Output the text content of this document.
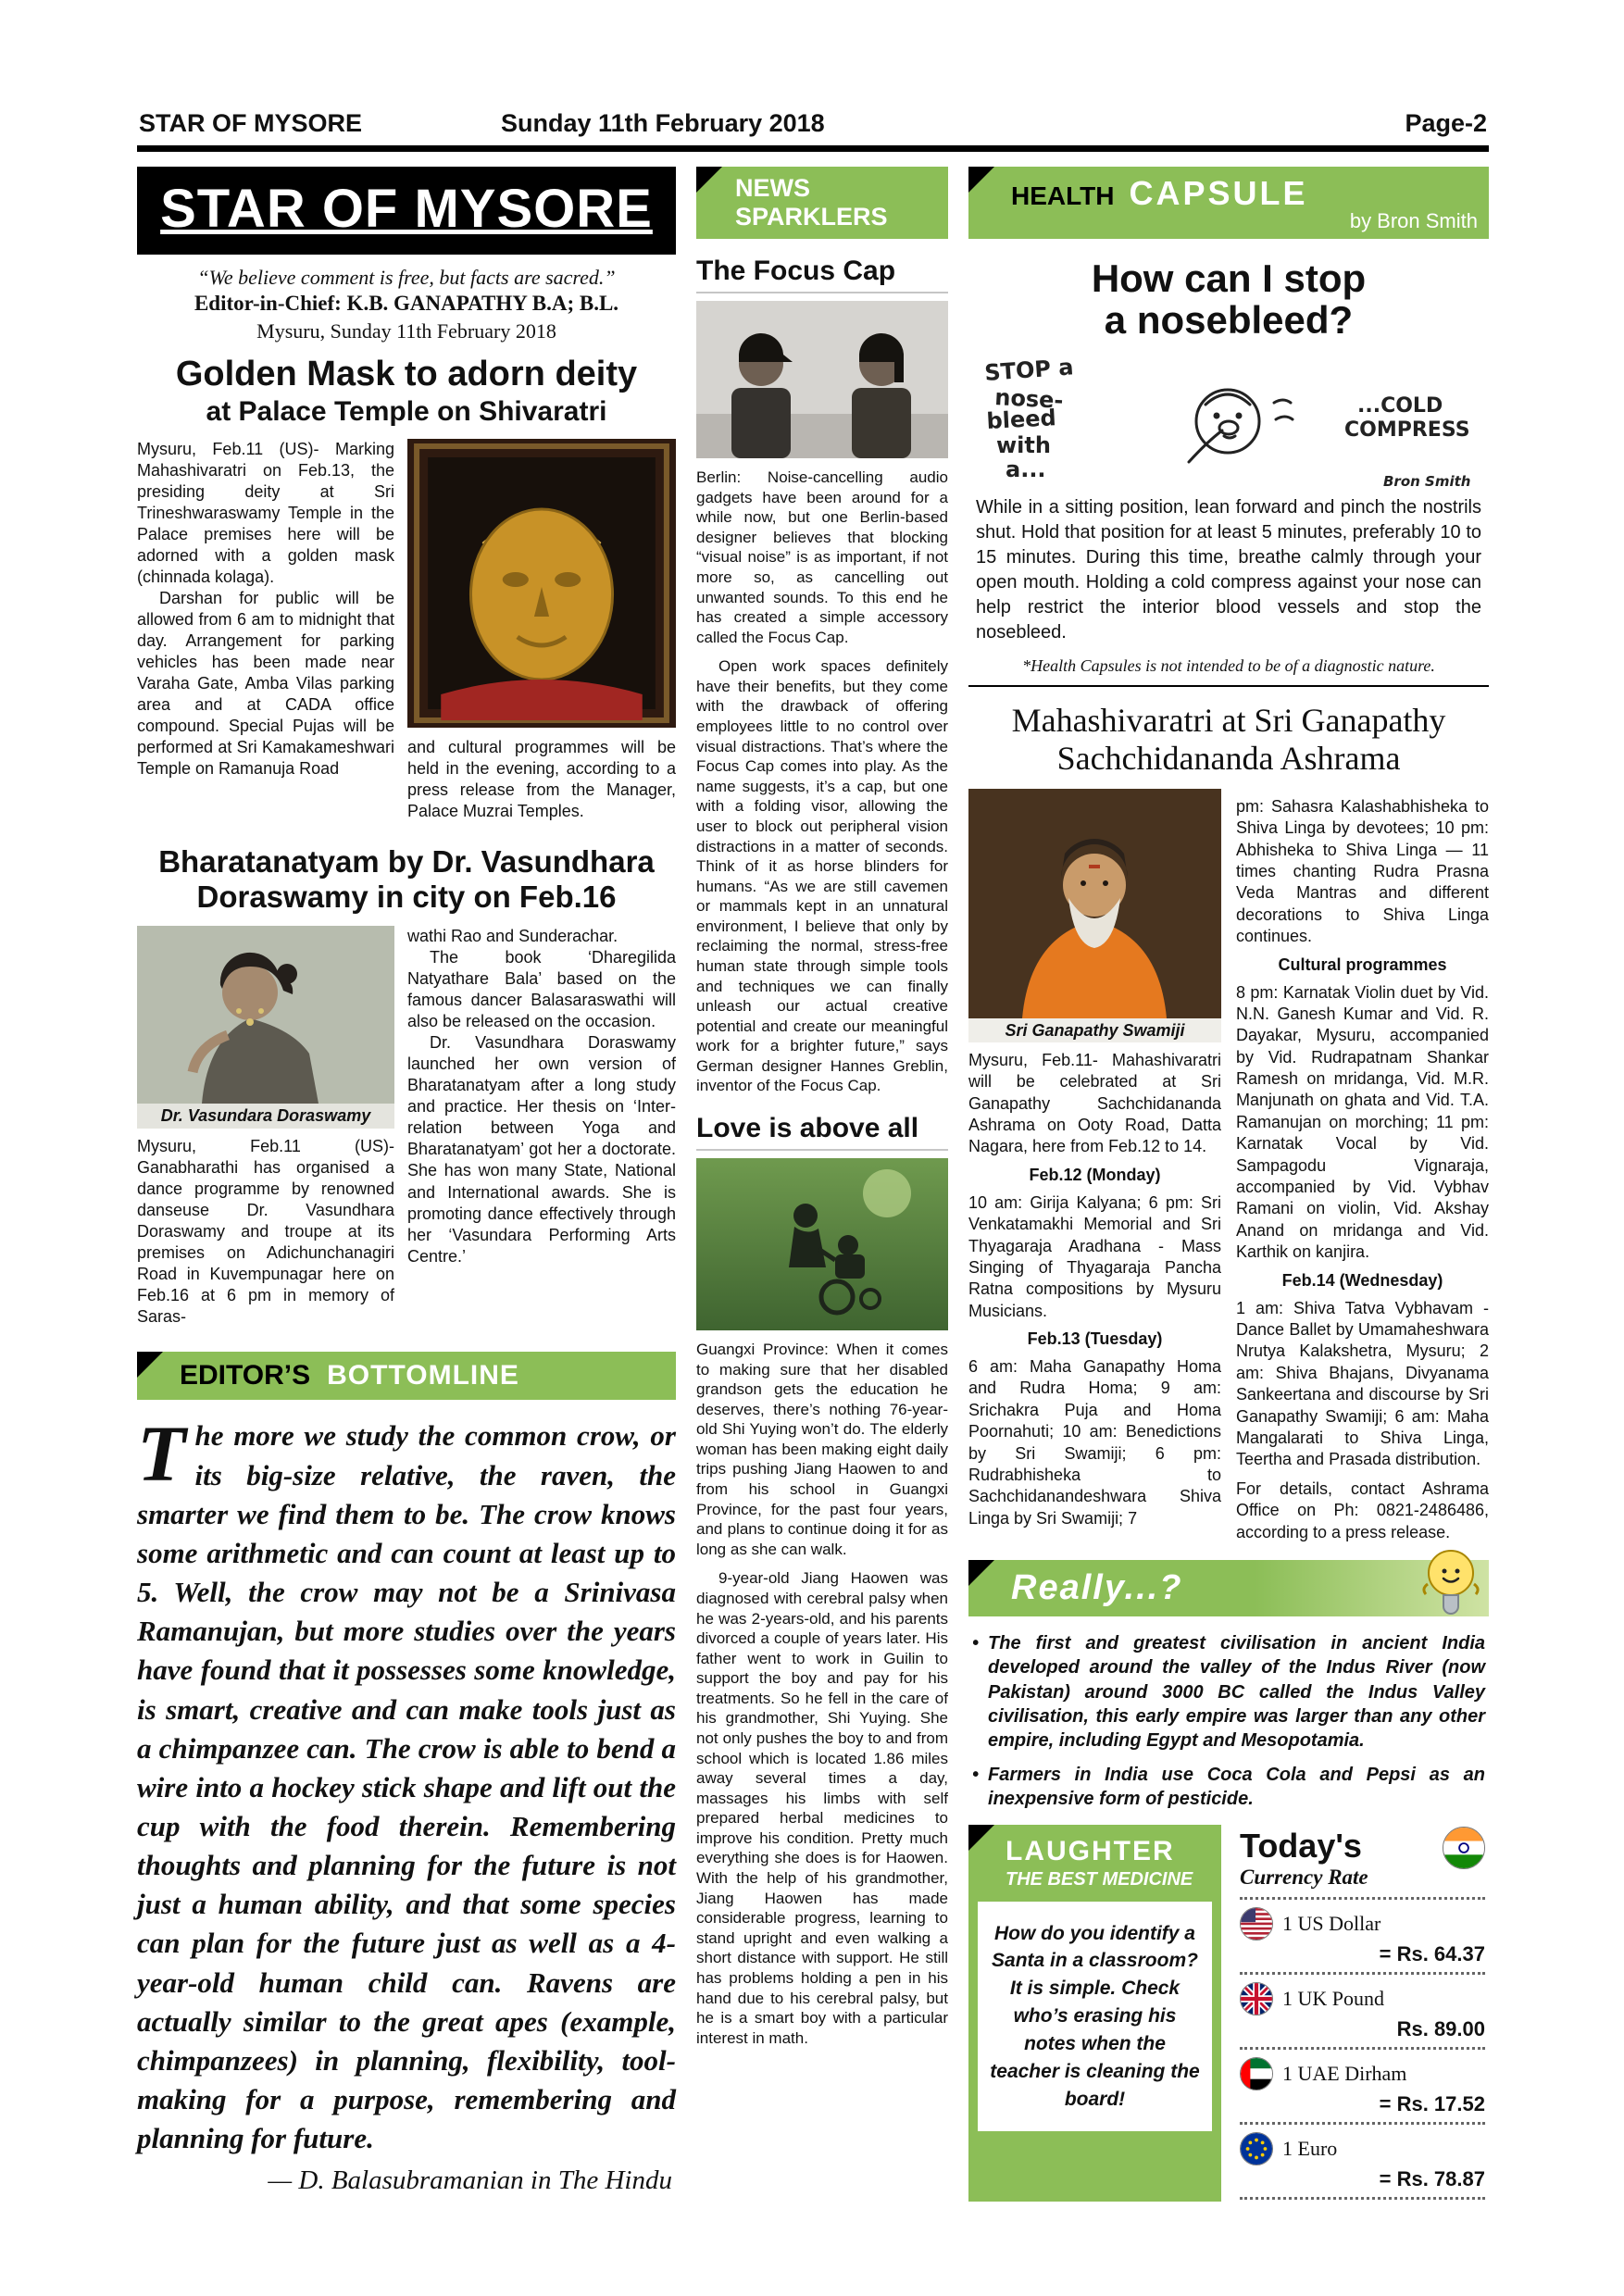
STAR OF MYSORE	Sunday 11th February 2018	Page-2
STAR OF MYSORE
“We believe comment is free, but facts are sacred.”
Editor-in-Chief: K.B. GANAPATHY B.A; B.L.
Mysuru, Sunday 11th February 2018
Golden Mask to adorn deity
at Palace Temple on Shivaratri

Mysuru, Feb.11 (US)- Marking Mahashivaratri on Feb.13, the presiding deity at Sri Trineshwaraswamy Temple in the Palace premises here will be adorned with a golden mask (chinnada kolaga).

Darshan for public will be allowed from 6 am to midnight that day. Arrangement for parking vehicles has been made near Varaha Gate, Amba Vilas parking area and at CADA office compound. Special Pujas will be performed at Sri Kamakameshwari Temple on Ramanuja Road

and cultural programmes will be held in the evening, according to a press release from the Manager, Palace Muzrai Temples.

Bharatanatyam by Dr. Vasundhara
Doraswamy in city on Feb.16
Dr. Vasundara Doraswamy

Mysuru, Feb.11 (US)- Ganabharathi has organised a dance programme by renowned danseuse Dr. Vasundhara Doraswamy and troupe at its premises on Adichunchanagiri Road in Kuvempunagar here on Feb.16 at 6 pm in memory of Saras-

wathi Rao and Sunderachar.

The book ‘Dharegilida Natyathare Bala’ based on the famous dancer Balasaraswathi will also be released on the occasion.

Dr. Vasundhara Doraswamy launched her own version of Bharatanatyam after a long study and practice. Her thesis on ‘Inter-relation between Yoga and Bharatanatyam’ got her a doctorate. She has won many State, National and International awards. She is promoting dance effectively through her ‘Vasundara Performing Arts Centre.’

EDITOR’S BOTTOMLINE

The more we study the common crow, or its big-size relative, the raven, the smarter we find them to be. The crow knows some arithmetic and can count at least up to 5. Well, the crow may not be a Srinivasa Ramanujan, but more studies over the years have found that it possesses some knowledge, is smart, creative and can make tools just as a chimpanzee can. The crow is able to bend a wire into a hockey stick shape and lift out the cup with the food therein. Remembering thoughts and planning for the future is not just a human ability, and that some species can plan for the future just as well as a 4-year-old human child can. Ravens are actually similar to the great apes (example, chimpanzees) in planning, flexibility, tool-making for a purpose, remembering and planning for future.

— D. Balasubramanian in The Hindu
NEWS
SPARKLERS
The Focus Cap

Berlin: Noise-cancelling audio gadgets have been around for a while now, but one Berlin-based designer believes that blocking “visual noise” is as important, if not more so, as cancelling out unwanted sounds. To this end he has created a simple accessory called the Focus Cap.

Open work spaces definitely have their benefits, but they come with the drawback of offering employees little to no control over visual distractions. That’s where the Focus Cap comes into play. As the name suggests, it’s a cap, but one with a folding visor, allowing the user to block out peripheral vision distractions in a matter of seconds. Think of it as horse blinders for humans. “As we are still cavemen or mammals kept in an unnatural environment, I believe that only by reclaiming the normal, stress-free human state through simple tools and techniques we can finally unleash our actual creative potential and create our meaningful work for a brighter future,” says German designer Hannes Greblin, inventor of the Focus Cap.

Love is above all

Guangxi Province: When it comes to making sure that her disabled grandson gets the education he deserves, there’s nothing 76-year-old Shi Yuying won’t do. The elderly woman has been making eight daily trips pushing Jiang Haowen to and from his school in Guangxi Province, for the past four years, and plans to continue doing it for as long as she can walk.

9-year-old Jiang Haowen was diagnosed with cerebral palsy when he was 2-years-old, and his parents divorced a couple of years later. His father went to work in Guilin to support the boy and pay for his treatments. So he fell in the care of his grandmother, Shi Yuying. She not only pushes the boy to and from school which is located 1.86 miles away several times a day, massages his limbs with self prepared herbal medicines to improve his condition. Pretty much everything she does is for Haowen. With the help of his grandmother, Jiang Haowen has made considerable progress, learning to stand upright and even walking a short distance with support. He still has problems holding a pen in his hand due to his cerebral palsy, but he is a smart boy with a particular interest in math.

HEALTH CAPSULE
by Bron Smith
How can I stop
a nosebleed?
STOP a
nose-
bleed
with
a...
...COLD
COMPRESS
Bron Smith

While in a sitting position, lean forward and pinch the nostrils shut. Hold that position for at least 5 minutes, preferably 10 to 15 minutes. During this time, breathe calmly through your open mouth. Holding a cold compress against your nose can help restrict the interior blood vessels and stop the nosebleed.

*Health Capsules is not intended to be of a diagnostic nature.
Mahashivaratri at Sri Ganapathy
Sachchidananda Ashrama
Sri Ganapathy Swamiji

Mysuru, Feb.11- Mahashivaratri will be celebrated at Sri Ganapathy Sachchidananda Ashrama on Ooty Road, Datta Nagara, here from Feb.12 to 14.

Feb.12 (Monday)

10 am: Girija Kalyana; 6 pm: Sri Venkatamakhi Memorial and Sri Thyagaraja Aradhana - Mass Singing of Thyagaraja Pancha Ratna compositions by Mysuru Musicians.

Feb.13 (Tuesday)

6 am: Maha Ganapathy Homa and Rudra Homa; 9 am: Srichakra Puja and Homa Poornahuti; 10 am: Benedictions by Sri Swamiji; 6 pm: Rudrabhisheka to Sachchidanandeshwara Shiva Linga by Sri Swamiji; 7

pm: Sahasra Kalashabhisheka to Shiva Linga by devotees; 10 pm: Abhisheka to Shiva Linga — 11 times chanting Rudra Prasna Veda Mantras and different decorations to Shiva Linga continues.

Cultural programmes

8 pm: Karnatak Violin duet by Vid. N.N. Ganesh Kumar and Vid. R. Dayakar, Mysuru, accompanied by Vid. Rudrapatnam Shankar Ramesh on mridanga, Vid. M.R. Manjunath on ghata and Vid. T.A. Ramanujan on morching; 11 pm: Karnatak Vocal by Vid. Sampagodu Vignaraja, accompanied by Vid. Vybhav Ramani on violin, Vid. Akshay Anand on mridanga and Vid. Karthik on kanjira.

Feb.14 (Wednesday)

1 am: Shiva Tatva Vybhavam - Dance Ballet by Umamaheshwara Nrutya Kalakshetra, Mysuru; 2 am: Shiva Bhajans, Divyanama Sankeertana and discourse by Sri Ganapathy Swamiji; 6 am: Maha Mangalarati to Shiva Linga, Teertha and Prasada distribution.

For details, contact Ashrama Office on Ph: 0821-2486486, according to a press release.

Really...?
• The first and greatest civilisation in ancient India developed around the valley of the Indus River (now Pakistan) around 3000 BC called the Indus Valley civilisation, this early empire was larger than any other empire, including Egypt and Mesopotamia.
• Farmers in India use Coca Cola and Pepsi as an inexpensive form of pesticide.
LAUGHTER
THE BEST MEDICINE
How do you identify a Santa in a classroom? It is simple. Check who’s erasing his notes when the teacher is cleaning the board!
Today's
Currency Rate
1 US Dollar
= Rs. 64.37
1 UK Pound
Rs. 89.00
1 UAE Dirham
= Rs. 17.52
1 Euro
= Rs. 78.87
